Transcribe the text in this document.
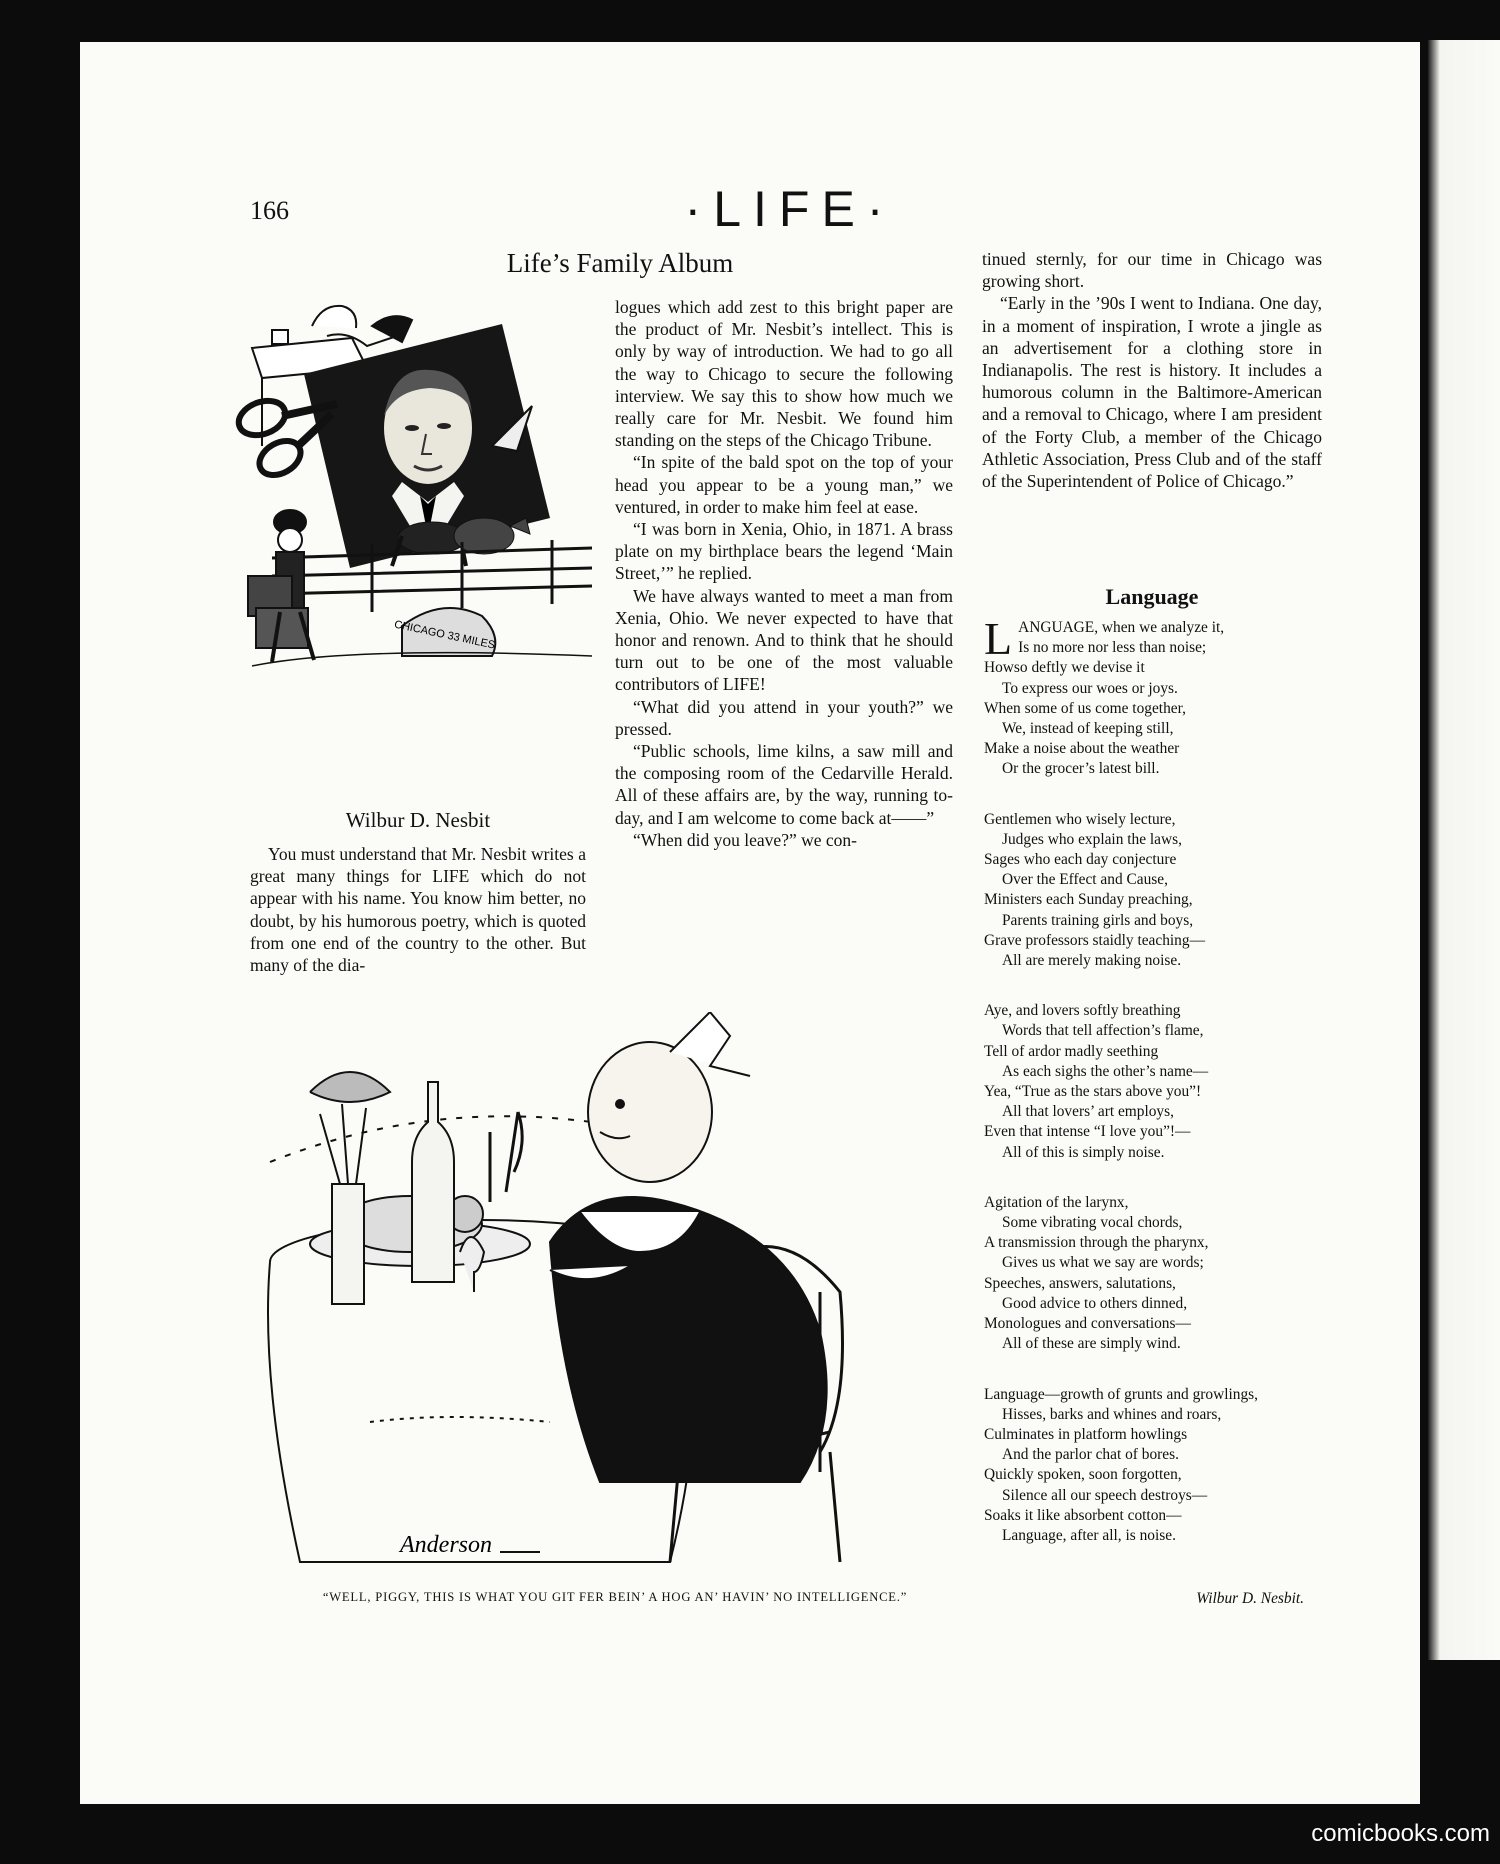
166	·LIFE·
Life’s Family Album
CHICAGO 33 MILES
Wilbur D. Nesbit

You must understand that Mr. Nesbit writes a great many things for LIFE which do not appear with his name. You know him better, no doubt, by his humorous poetry, which is quoted from one end of the country to the other. But many of the dia-

logues which add zest to this bright paper are the product of Mr. Nesbit’s intellect. This is only by way of introduction. We had to go all the way to Chicago to secure the following interview. We say this to show how much we really care for Mr. Nesbit. We found him standing on the steps of the Chicago Tribune.

“In spite of the bald spot on the top of your head you appear to be a young man,” we ventured, in order to make him feel at ease.

“I was born in Xenia, Ohio, in 1871. A brass plate on my birthplace bears the legend ‘Main Street,’” he replied.

We have always wanted to meet a man from Xenia, Ohio. We never expected to have that honor and renown. And to think that he should turn out to be one of the most valuable contributors of LIFE!

“What did you attend in your youth?” we pressed.

“Public schools, lime kilns, a saw mill and the composing room of the Cedarville Herald. All of these affairs are, by the way, running to-day, and I am welcome to come back at——”

“When did you leave?” we con-

tinued sternly, for our time in Chicago was growing short.

“Early in the ’90s I went to Indiana. One day, in a moment of inspiration, I wrote a jingle as an advertisement for a clothing store in Indianapolis. The rest is history. It includes a humorous column in the Baltimore-American and a removal to Chicago, where I am president of the Forty Club, a member of the Chicago Athletic Association, Press Club and of the staff of the Superintendent of Police of Chicago.”

Language
L ANGUAGE, when we analyze it,
Is no more nor less than noise;
Howso deftly we devise it
To express our woes or joys.
When some of us come together,
We, instead of keeping still,
Make a noise about the weather
Or the grocer’s latest bill.
Gentlemen who wisely lecture,
Judges who explain the laws,
Sages who each day conjecture
Over the Effect and Cause,
Ministers each Sunday preaching,
Parents training girls and boys,
Grave professors staidly teaching—
All are merely making noise.
Aye, and lovers softly breathing
Words that tell affection’s flame,
Tell of ardor madly seething
As each sighs the other’s name—
Yea, “True as the stars above you”!
All that lovers’ art employs,
Even that intense “I love you”!—
All of this is simply noise.
Agitation of the larynx,
Some vibrating vocal chords,
A transmission through the pharynx,
Gives us what we say are words;
Speeches, answers, salutations,
Good advice to others dinned,
Monologues and conversations—
All of these are simply wind.
Language—growth of grunts and growlings,
Hisses, barks and whines and roars,
Culminates in platform howlings
And the parlor chat of bores.
Quickly spoken, soon forgotten,
Silence all our speech destroys—
Soaks it like absorbent cotton—
Language, after all, is noise.
Wilbur D. Nesbit.
Anderson
“WELL, PIGGY, THIS IS WHAT YOU GIT FER BEIN’ A HOG AN’ HAVIN’ NO INTELLIGENCE.”
comicbooks.com
